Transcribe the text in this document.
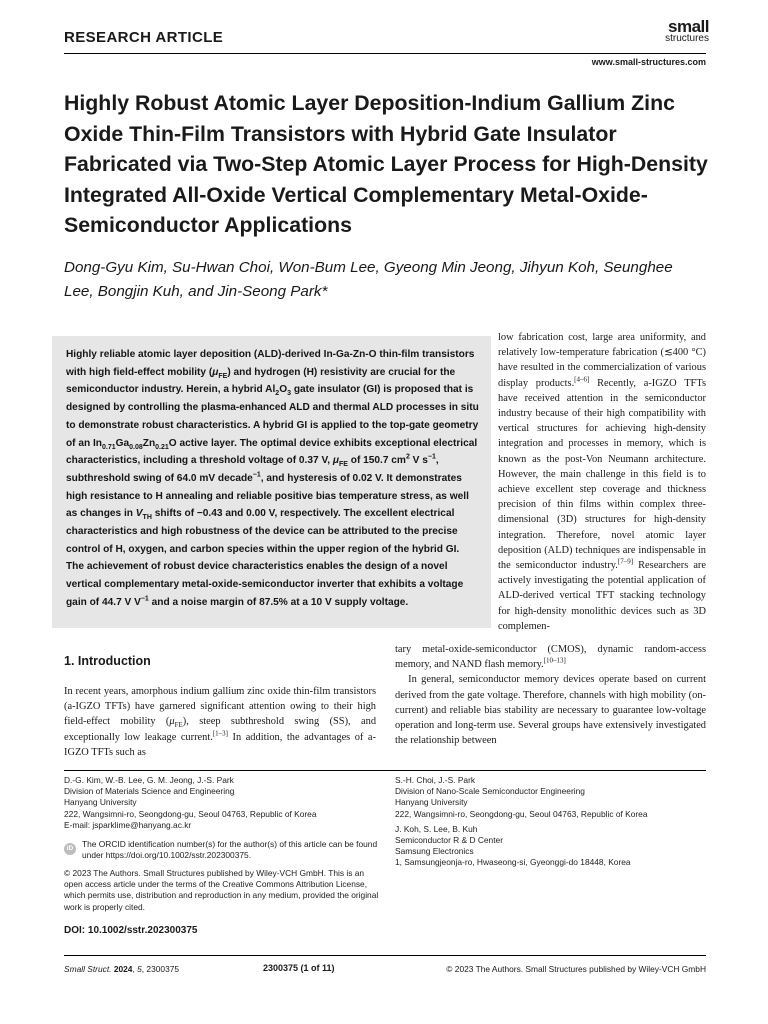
RESEARCH ARTICLE
small
structures
www.small-structures.com
Highly Robust Atomic Layer Deposition-Indium Gallium Zinc Oxide Thin-Film Transistors with Hybrid Gate Insulator Fabricated via Two-Step Atomic Layer Process for High-Density Integrated All-Oxide Vertical Complementary Metal-Oxide-Semiconductor Applications
Dong-Gyu Kim, Su-Hwan Choi, Won-Bum Lee, Gyeong Min Jeong, Jihyun Koh, Seunghee Lee, Bongjin Kuh, and Jin-Seong Park*

Highly reliable atomic layer deposition (ALD)-derived In-Ga-Zn-O thin-film transistors with high field-effect mobility $(\mu_{FE})$ and hydrogen (H) resistivity are crucial for the semiconductor industry. Herein, a hybrid $Al_2O_3$ gate insulator (GI) is proposed that is designed by controlling the plasma-enhanced ALD and thermal ALD processes in situ to demonstrate robust characteristics. A hybrid GI is applied to the top-gate geometry of an $In_{0.71}Ga_{0.08}Zn_{0.21}O$ active layer. The optimal device exhibits exceptional electrical characteristics, including a threshold voltage of 0.37 V, $\mu_{FE}$ of 150.7 $cm^2$ V $s^{-1}$, subthreshold swing of 64.0 mV decade$^{-1}$, and hysteresis of 0.02 V. It demonstrates high resistance to H annealing and reliable positive bias temperature stress, as well as changes in $V_{TH}$ shifts of −0.43 and 0.00 V, respectively. The excellent electrical characteristics and high robustness of the device can be attributed to the precise control of H, oxygen, and carbon species within the upper region of the hybrid GI. The achievement of robust device characteristics enables the design of a novel vertical complementary metal-oxide-semiconductor inverter that exhibits a voltage gain of 44.7 V $V^{-1}$ and a noise margin of 87.5% at a 10 V supply voltage.

low fabrication cost, large area uniformity, and relatively low-temperature fabrication (≲400 °C) have resulted in the commercialization of various display products.[4–6] Recently, a-IGZO TFTs have received attention in the semiconductor industry because of their high compatibility with vertical structures for achieving high-density integration and processes in memory, which is known as the post-Von Neumann architecture. However, the main challenge in this field is to achieve excellent step coverage and thickness precision of thin films within complex three-dimensional (3D) structures for high-density integration. Therefore, novel atomic layer deposition (ALD) techniques are indispensable in the semiconductor industry.[7–9] Researchers are actively investigating the potential application of ALD-derived vertical TFT stacking technology for high-density monolithic devices such as 3D complemen-

tary metal-oxide-semiconductor (CMOS), dynamic random-access memory, and NAND flash memory.[10–13]
In general, semiconductor memory devices operate based on current derived from the gate voltage. Therefore, channels with high mobility (on-current) and reliable bias stability are necessary to guarantee low-voltage operation and long-term use. Several groups have extensively investigated the relationship between

1. Introduction

In recent years, amorphous indium gallium zinc oxide thin-film transistors (a-IGZO TFTs) have garnered significant attention owing to their high field-effect mobility $(\mu_{FE})$, steep subthreshold swing (SS), and exceptionally low leakage current.[1–3] In addition, the advantages of a-IGZO TFTs such as

D.-G. Kim, W.-B. Lee, G. M. Jeong, J.-S. Park

Division of Materials Science and Engineering

Hanyang University

222, Wangsimni-ro, Seongdong-gu, Seoul 04763, Republic of Korea

E-mail: jsparklime@hanyang.ac.kr

S.-H. Choi, J.-S. Park

Division of Nano-Scale Semiconductor Engineering

Hanyang University

222, Wangsimni-ro, Seongdong-gu, Seoul 04763, Republic of Korea

J. Koh, S. Lee, B. Kuh

Semiconductor R & D Center

Samsung Electronics

1, Samsungjeonja-ro, Hwaseong-si, Gyeonggi-do 18448, Korea

iD	The ORCID identification number(s) for the author(s) of this article can be found under https://doi.org/10.1002/sstr.202300375.
© 2023 The Authors. Small Structures published by Wiley-VCH GmbH. This is an open access article under the terms of the Creative Commons Attribution License, which permits use, distribution and reproduction in any medium, provided the original work is properly cited.
DOI: 10.1002/sstr.202300375
Small Struct. 2024, 5, 2300375	2300375 (1 of 11)	© 2023 The Authors. Small Structures published by Wiley-VCH GmbH
